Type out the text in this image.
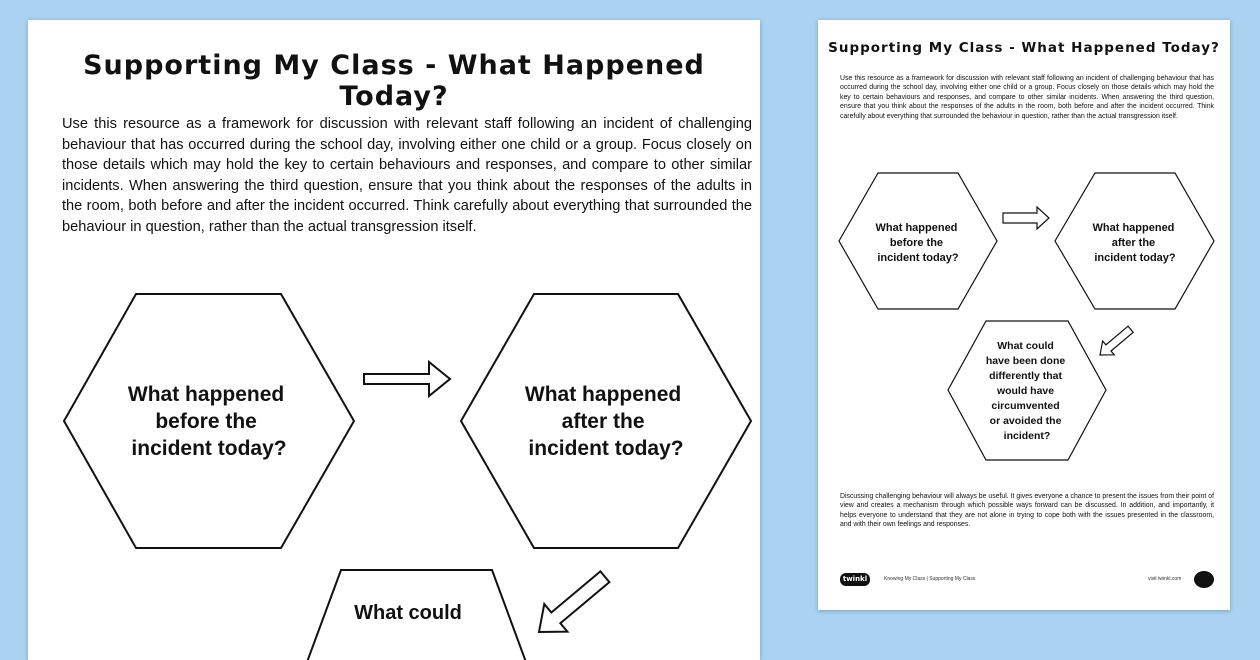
Supporting My Class - What Happened Today?
Use this resource as a framework for discussion with relevant staff following an incident of challenging behaviour that has occurred during the school day, involving either one child or a group. Focus closely on those details which may hold the key to certain behaviours and responses, and compare to other similar incidents. When answering the third question, ensure that you think about the responses of the adults in the room, both before and after the incident occurred. Think carefully about everything that surrounded the behaviour in question, rather than the actual transgression itself.
What happened before the incident today?
What happened after the incident today?
What could
Supporting My Class - What Happened Today?
Use this resource as a framework for discussion with relevant staff following an incident of challenging behaviour that has occurred during the school day, involving either one child or a group. Focus closely on those details which may hold the key to certain behaviours and responses, and compare to other similar incidents. When answering the third question, ensure that you think about the responses of the adults in the room, both before and after the incident occurred. Think carefully about everything that surrounded the behaviour in question, rather than the actual transgression itself.
What happened before the incident today?
What happened after the incident today?
What could have been done differently that would have circumvented or avoided the incident?
Discussing challenging behaviour will always be useful. It gives everyone a chance to present the issues from their point of view and creates a mechanism through which possible ways forward can be discussed. In addition, and importantly, it helps everyone to understand that they are not alone in trying to cope both with the issues presented in the classroom, and with their own feelings and responses.
twinkl	Knowing My Class | Supporting My Class	visit twinkl.com
